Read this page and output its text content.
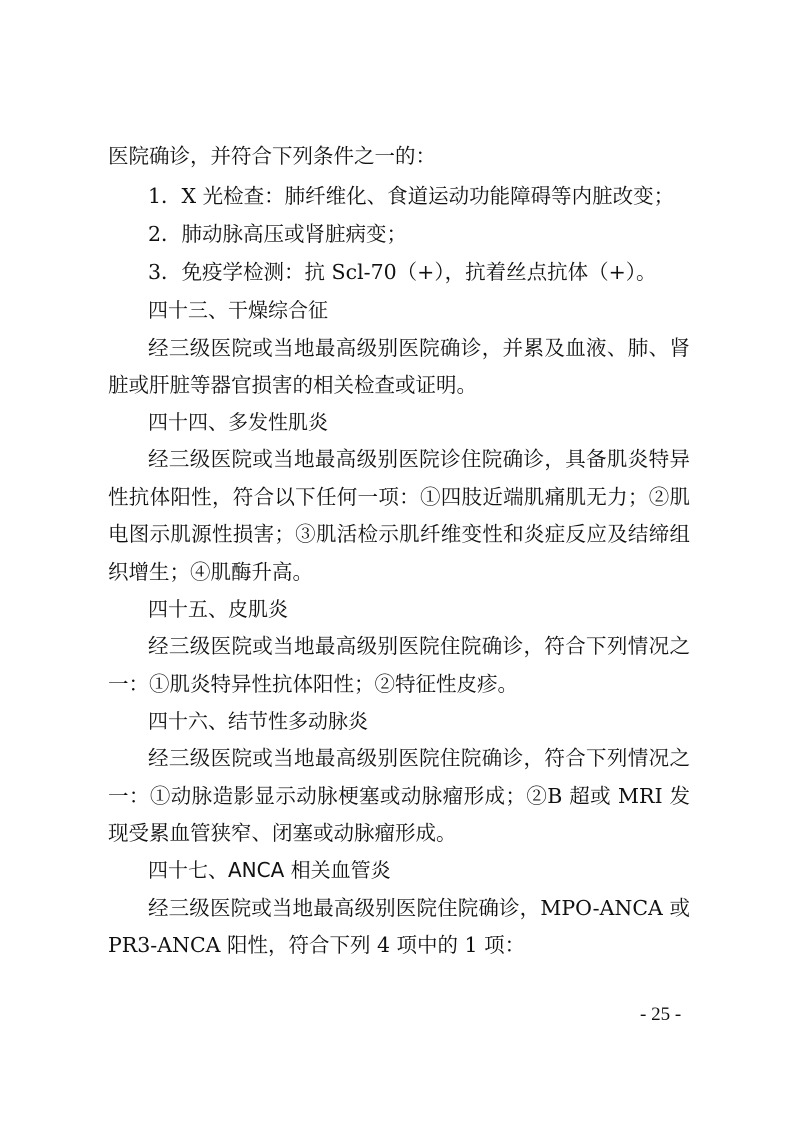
医院确诊，并符合下列条件之一的：
1．X 光检查：肺纤维化、食道运动功能障碍等内脏改变；
2．肺动脉高压或肾脏病变；
3．免疫学检测：抗 Scl-70（+），抗着丝点抗体（+）。
四十三、干燥综合征
经三级医院或当地最高级别医院确诊，并累及血液、肺、肾
脏或肝脏等器官损害的相关检查或证明。
四十四、多发性肌炎
经三级医院或当地最高级别医院诊住院确诊，具备肌炎特异
性抗体阳性，符合以下任何一项：①四肢近端肌痛肌无力；②肌
电图示肌源性损害；③肌活检示肌纤维变性和炎症反应及结缔组
织增生；④肌酶升高。
四十五、皮肌炎
经三级医院或当地最高级别医院住院确诊，符合下列情况之
一：①肌炎特异性抗体阳性；②特征性皮疹。
四十六、结节性多动脉炎
经三级医院或当地最高级别医院住院确诊，符合下列情况之
一：①动脉造影显示动脉梗塞或动脉瘤形成；②B 超或 MRI 发
现受累血管狭窄、闭塞或动脉瘤形成。
四十七、ANCA 相关血管炎
经三级医院或当地最高级别医院住院确诊，MPO-ANCA 或
PR3-ANCA 阳性，符合下列 4 项中的 1 项：
- 25 -
